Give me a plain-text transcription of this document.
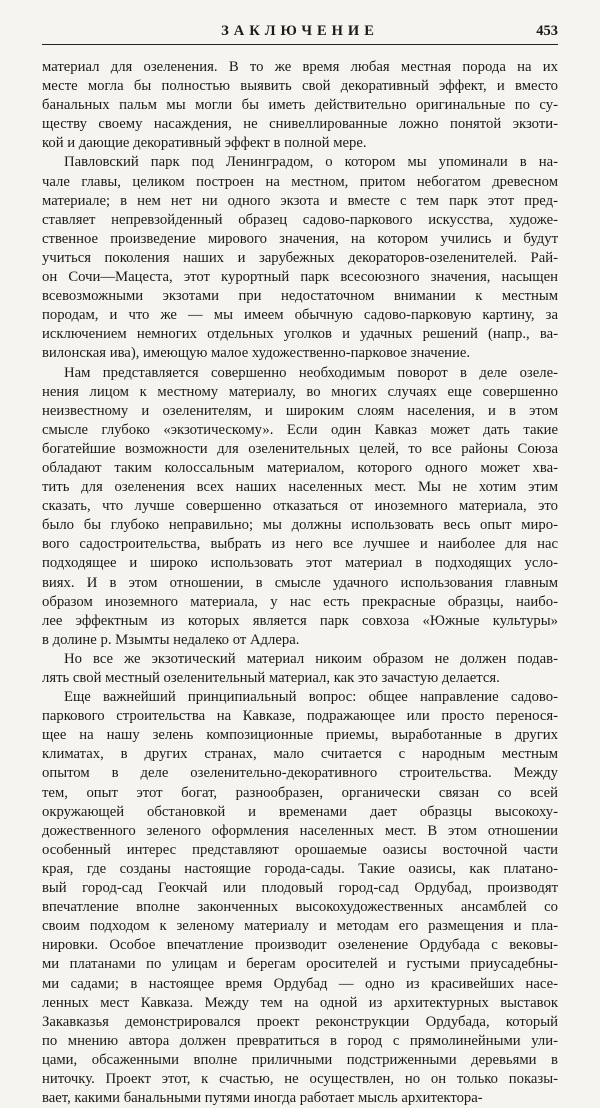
ЗАКЛЮЧЕНИЕ	453
материал для озеленения. В то же время любая местная порода на их
месте могла бы полностью выявить свой декоративный эффект, и вместо
банальных пальм мы могли бы иметь действительно оригинальные по су-
ществу своему насаждения, не снивеллированные ложно понятой экзоти-
кой и дающие декоративный эффект в полной мере.
Павловский парк под Ленинградом, о котором мы упоминали в на-
чале главы, целиком построен на местном, притом небогатом древесном
материале; в нем нет ни одного экзота и вместе с тем парк этот пред-
ставляет непревзойденный образец садово-паркового искусства, художе-
ственное произведение мирового значения, на котором учились и будут
учиться поколения наших и зарубежных декораторов-озеленителей. Рай-
он Сочи—Мацеста, этот курортный парк всесоюзного значения, насыщен
всевозможными экзотами при недостаточном внимании к местным
породам, и что же — мы имеем обычную садово-парковую картину, за
исключением немногих отдельных уголков и удачных решений (напр., ва-
вилонская ива), имеющую малое художественно-парковое значение.
Нам представляется совершенно необходимым поворот в деле озеле-
нения лицом к местному материалу, во многих случаях еще совершенно
неизвестному и озеленителям, и широким слоям населения, и в этом
смысле глубоко «экзотическому». Если один Кавказ может дать такие
богатейшие возможности для озеленительных целей, то все районы Союза
обладают таким колоссальным материалом, которого одного может хва-
тить для озеленения всех наших населенных мест. Мы не хотим этим
сказать, что лучше совершенно отказаться от иноземного материала, это
было бы глубоко неправильно; мы должны использовать весь опыт миро-
вого садостроительства, выбрать из него все лучшее и наиболее для нас
подходящее и широко использовать этот материал в подходящих усло-
виях. И в этом отношении, в смысле удачного использования главным
образом иноземного материала, у нас есть прекрасные образцы, наибо-
лее эффектным из которых является парк совхоза «Южные культуры»
в долине р. Мзымты недалеко от Адлера.
Но все же экзотический материал никоим образом не должен подав-
лять свой местный озеленительный материал, как это зачастую делается.
Еще важнейший принципиальный вопрос: общее направление садово-
паркового строительства на Кавказе, подражающее или просто перенося-
щее на нашу зелень композиционные приемы, выработанные в других
климатах, в других странах, мало считается с народным местным
опытом в деле озеленительно-декоративного строительства. Между
тем, опыт этот богат, разнообразен, органически связан со всей
окружающей обстановкой и временами дает образцы высокоху-
дожественного зеленого оформления населенных мест. В этом отношении
особенный интерес представляют орошаемые оазисы восточной части
края, где созданы настоящие города-сады. Такие оазисы, как платано-
вый город-сад Геокчай или плодовый город-сад Ордубад, производят
впечатление вполне законченных высокохудожественных ансамблей со
своим подходом к зеленому материалу и методам его размещения и пла-
нировки. Особое впечатление производит озеленение Ордубада с вековы-
ми платанами по улицам и берегам оросителей и густыми приусадебны-
ми садами; в настоящее время Ордубад — одно из красивейших насе-
ленных мест Кавказа. Между тем на одной из архитектурных выставок
Закавказья демонстрировался проект реконструкции Ордубада, который
по мнению автора должен превратиться в город с прямолинейными ули-
цами, обсаженными вполне приличными подстриженными деревьями в
ниточку. Проект этот, к счастью, не осуществлен, но он только показы-
вает, какими банальными путями иногда работает мысль архитектора-
